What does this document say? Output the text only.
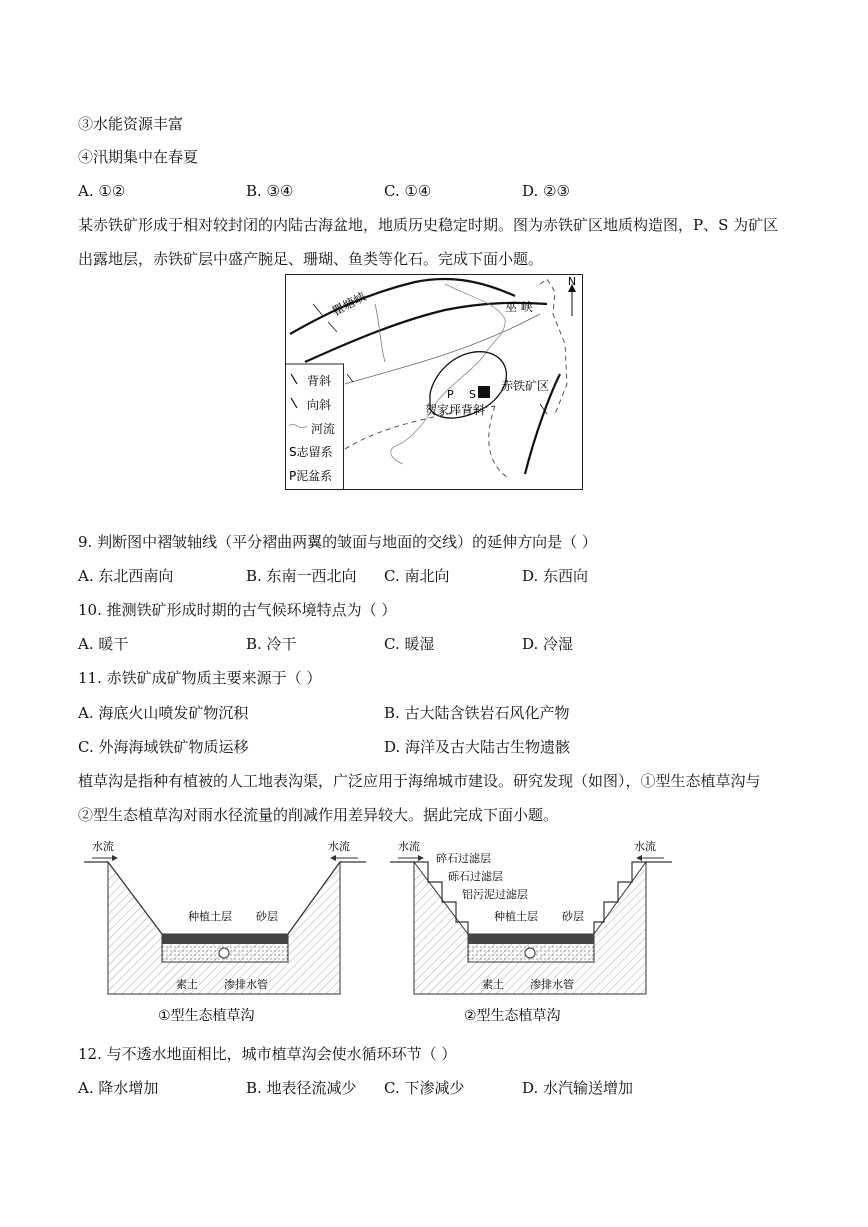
③水能资源丰富
④汛期集中在春夏
A. ①②	B. ③④	C. ①④	D. ②③
某赤铁矿形成于相对较封闭的内陆古海盆地，地质历史稳定时期。图为赤铁矿区地质构造图，P、S 为矿区
出露地层，赤铁矿层中盛产腕足、珊瑚、鱼类等化石。完成下面小题。
N
瞿塘峡	巫 峡
赤铁矿区
P S
贺家坪背斜
背斜
向斜
河流
S志留系
P泥盆系
9. 判断图中褶皱轴线（平分褶曲两翼的皱面与地面的交线）的延伸方向是（ ）
A. 东北西南向	B. 东南一西北向 C. 南北向	D. 东西向
10. 推测铁矿形成时期的古气候环境特点为（ ）
A. 暖干	B. 冷干	C. 暖湿	D. 冷湿
11. 赤铁矿成矿物质主要来源于（ ）
A. 海底火山喷发矿物沉积	B. 古大陆含铁岩石风化产物
C. 外海海域铁矿物质运移	D. 海洋及古大陆古生物遗骸
植草沟是指种有植被的人工地表沟渠，广泛应用于海绵城市建设。研究发现（如图），①型生态植草沟与
②型生态植草沟对雨水径流量的削减作用差异较大。据此完成下面小题。
水流	水流
种植土层 砂层
素土 渗排水管
①型生态植草沟
水流	水流
碎石过滤层
砾石过滤层
铝污泥过滤层
种植土层 砂层
素土 渗排水管
②型生态植草沟
12. 与不透水地面相比，城市植草沟会使水循环环节（ ）
A. 降水增加	B. 地表径流减少 C. 下渗减少	D. 水汽输送增加
